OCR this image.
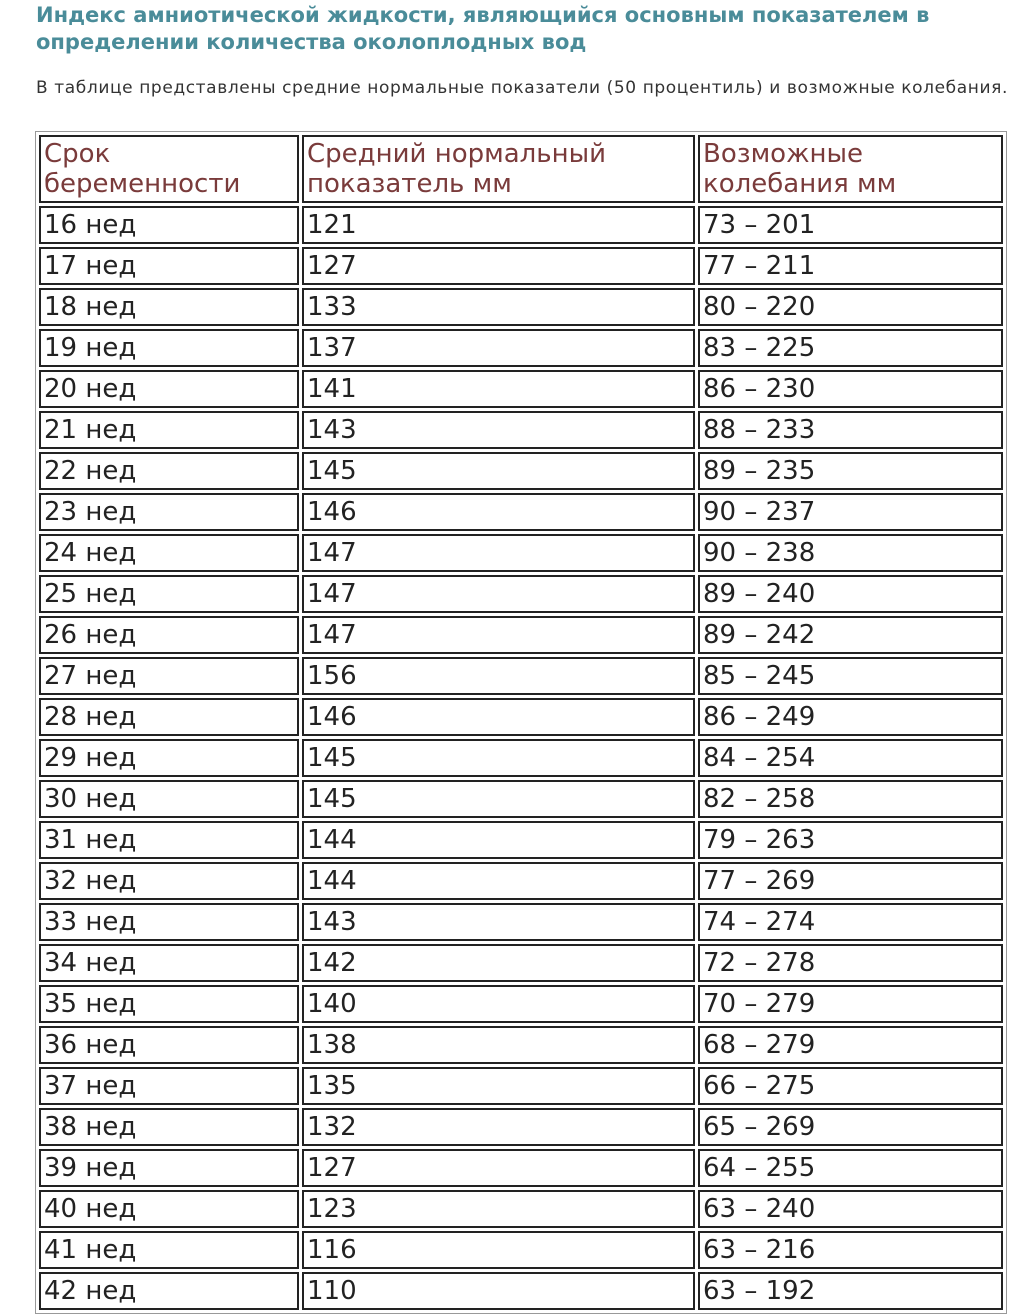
Индекс амниотической жидкости, являющийся основным показателем в определении количества околоплодных вод

В таблице представлены средние нормальные показатели (50 процентиль) и возможные колебания.

Срок беременности	Средний нормальный показатель мм	Возможные колебания мм
16 нед	121	73 – 201
17 нед	127	77 – 211
18 нед	133	80 – 220
19 нед	137	83 – 225
20 нед	141	86 – 230
21 нед	143	88 – 233
22 нед	145	89 – 235
23 нед	146	90 – 237
24 нед	147	90 – 238
25 нед	147	89 – 240
26 нед	147	89 – 242
27 нед	156	85 – 245
28 нед	146	86 – 249
29 нед	145	84 – 254
30 нед	145	82 – 258
31 нед	144	79 – 263
32 нед	144	77 – 269
33 нед	143	74 – 274
34 нед	142	72 – 278
35 нед	140	70 – 279
36 нед	138	68 – 279
37 нед	135	66 – 275
38 нед	132	65 – 269
39 нед	127	64 – 255
40 нед	123	63 – 240
41 нед	116	63 – 216
42 нед	110	63 – 192
